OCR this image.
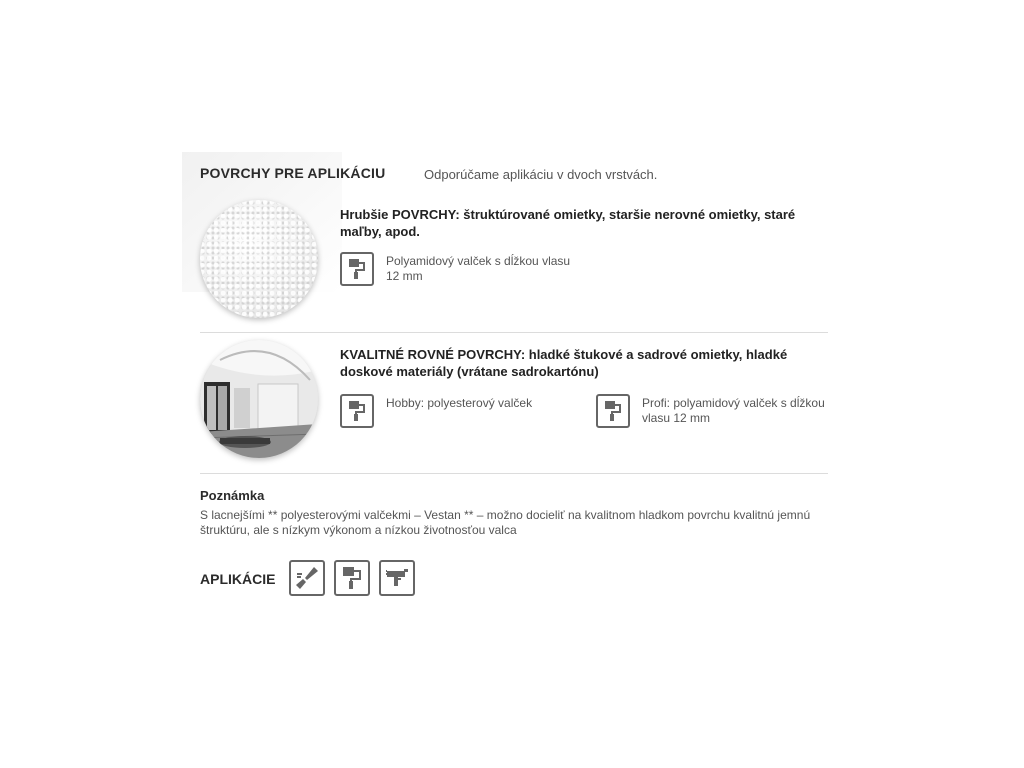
POVRCHY PRE APLIKÁCIU	Odporúčame aplikáciu v dvoch vrstvách.
Hrubšie POVRCHY: štruktúrované omietky, staršie nerovné omietky, staré maľby, apod.
Polyamidový valček s dĺžkou vlasu 12 mm
KVALITNÉ ROVNÉ POVRCHY: hladké štukové a sadrové omietky, hladké doskové materiály (vrátane sadrokartónu)
Hobby: polyesterový valček	Profi: polyamidový valček s dĺžkou vlasu 12 mm
Poznámka
S lacnejšími ** polyesterovými valčekmi – Vestan ** – možno docieliť na kvalitnom hladkom povrchu kvalitnú jemnú štruktúru, ale s nízkym výkonom a nízkou životnosťou valca
APLIKÁCIE
